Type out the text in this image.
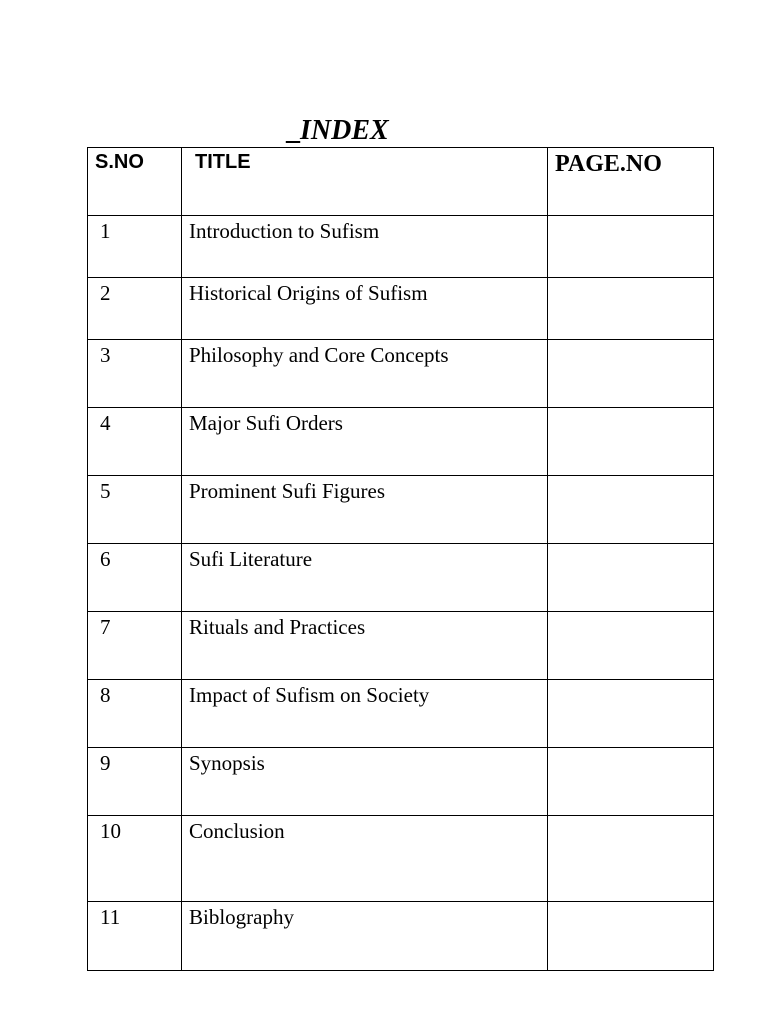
_INDEX
S.NO	TITLE	PAGE.NO

1	Introduction to Sufism	

2	Historical Origins of Sufism	

3	Philosophy and Core Concepts	

4	Major Sufi Orders	

5	Prominent Sufi Figures	

6	Sufi Literature	

7	Rituals and Practices	

8	Impact of Sufism on Society	

9	Synopsis	

10	Conclusion	

11	Biblography	
